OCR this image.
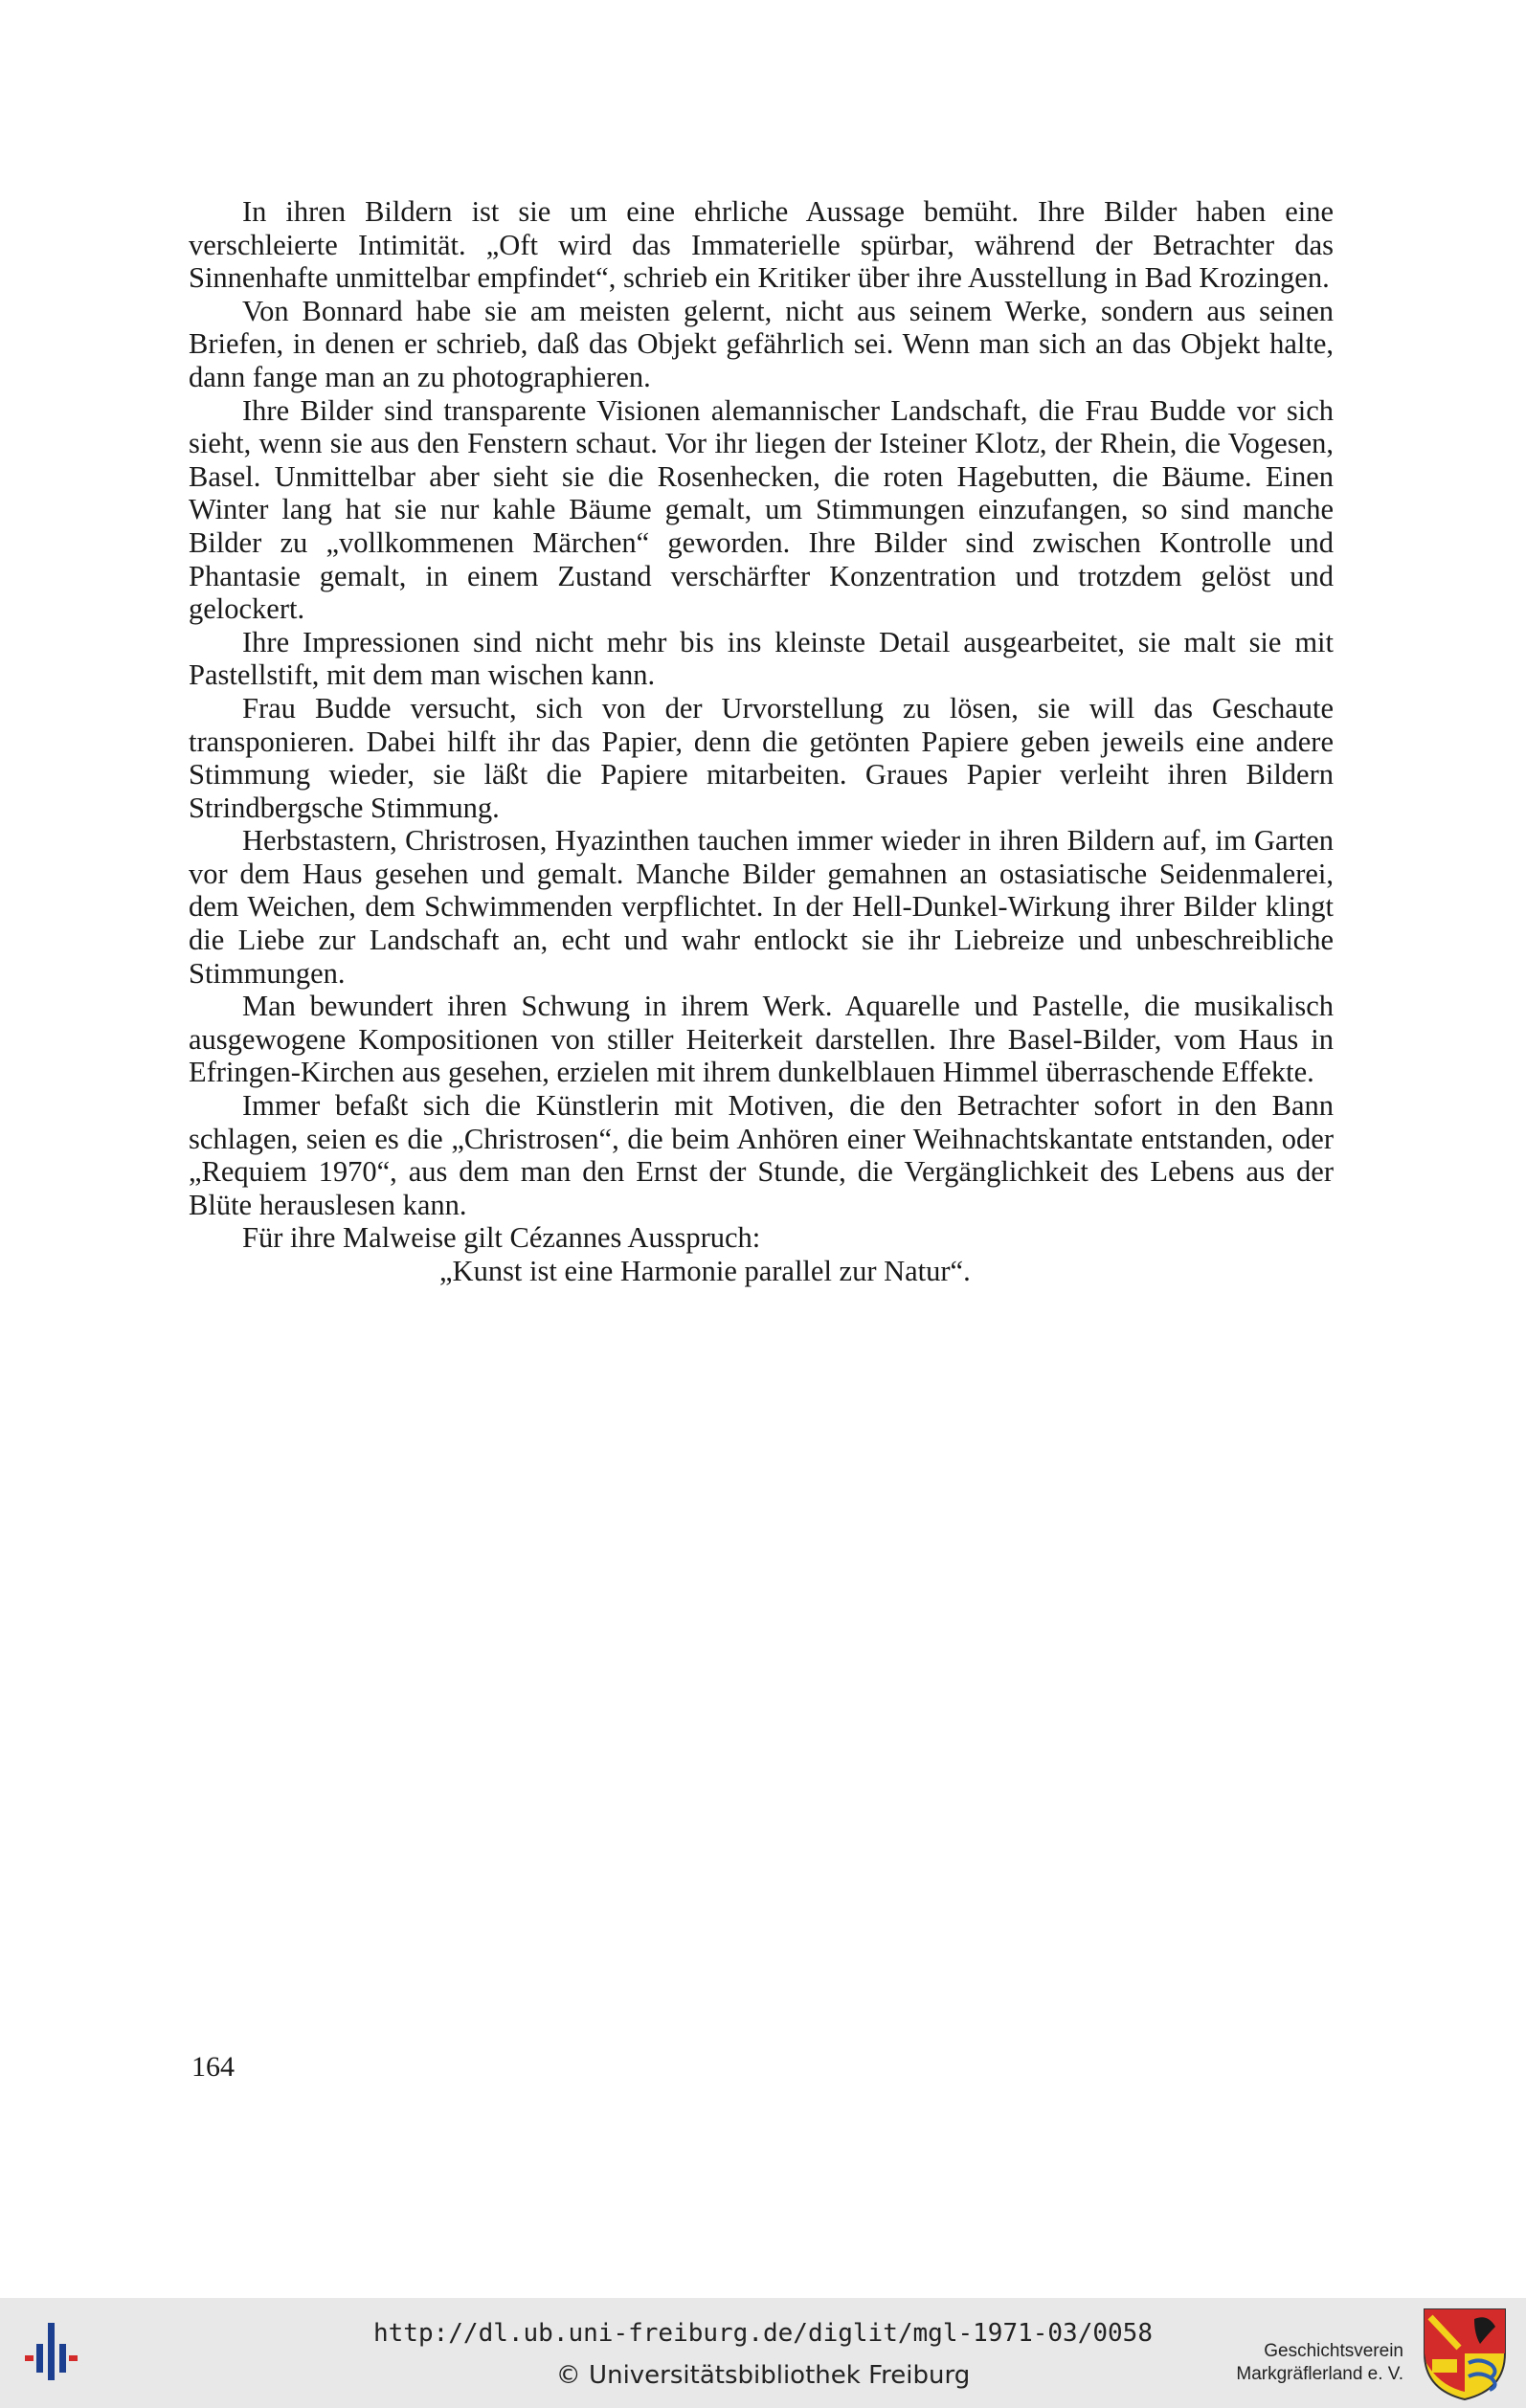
In ihren Bildern ist sie um eine ehrliche Aussage bemüht. Ihre Bilder haben eine verschleierte Intimität. „Oft wird das Immaterielle spürbar, während der Betrachter das Sinnenhafte unmittelbar empfindet“, schrieb ein Kritiker über ihre Ausstellung in Bad Krozingen.

Von Bonnard habe sie am meisten gelernt, nicht aus seinem Werke, sondern aus seinen Briefen, in denen er schrieb, daß das Objekt gefährlich sei. Wenn man sich an das Objekt halte, dann fange man an zu photographieren.

Ihre Bilder sind transparente Visionen alemannischer Landschaft, die Frau Budde vor sich sieht, wenn sie aus den Fenstern schaut. Vor ihr liegen der Isteiner Klotz, der Rhein, die Vogesen, Basel. Unmittelbar aber sieht sie die Rosenhecken, die roten Hagebutten, die Bäume. Einen Winter lang hat sie nur kahle Bäume gemalt, um Stimmungen einzufangen, so sind manche Bilder zu „vollkommenen Märchen“ geworden. Ihre Bilder sind zwischen Kontrolle und Phantasie gemalt, in einem Zustand verschärfter Konzentration und trotzdem gelöst und gelockert.

Ihre Impressionen sind nicht mehr bis ins kleinste Detail ausgearbeitet, sie malt sie mit Pastellstift, mit dem man wischen kann.

Frau Budde versucht, sich von der Urvorstellung zu lösen, sie will das Geschaute transponieren. Dabei hilft ihr das Papier, denn die getönten Papiere geben jeweils eine andere Stimmung wieder, sie läßt die Papiere mitarbeiten. Graues Papier verleiht ihren Bildern Strindbergsche Stimmung.

Herbstastern, Christrosen, Hyazinthen tauchen immer wieder in ihren Bildern auf, im Garten vor dem Haus gesehen und gemalt. Manche Bilder gemahnen an ostasiatische Seidenmalerei, dem Weichen, dem Schwimmenden verpflichtet. In der Hell-Dunkel-Wirkung ihrer Bilder klingt die Liebe zur Landschaft an, echt und wahr entlockt sie ihr Liebreize und unbeschreibliche Stimmungen.

Man bewundert ihren Schwung in ihrem Werk. Aquarelle und Pastelle, die musikalisch ausgewogene Kompositionen von stiller Heiterkeit darstellen. Ihre Basel-Bilder, vom Haus in Efringen-Kirchen aus gesehen, erzielen mit ihrem dunkelblauen Himmel überraschende Effekte.

Immer befaßt sich die Künstlerin mit Motiven, die den Betrachter sofort in den Bann schlagen, seien es die „Christrosen“, die beim Anhören einer Weihnachtskantate entstanden, oder „Requiem 1970“, aus dem man den Ernst der Stunde, die Vergänglichkeit des Lebens aus der Blüte herauslesen kann.

Für ihre Malweise gilt Cézannes Ausspruch:

„Kunst ist eine Harmonie parallel zur Natur“.

164
http://dl.ub.uni-freiburg.de/diglit/mgl-1971-03/0058
© Universitätsbibliothek Freiburg
Geschichtsverein
Markgräflerland e. V.
